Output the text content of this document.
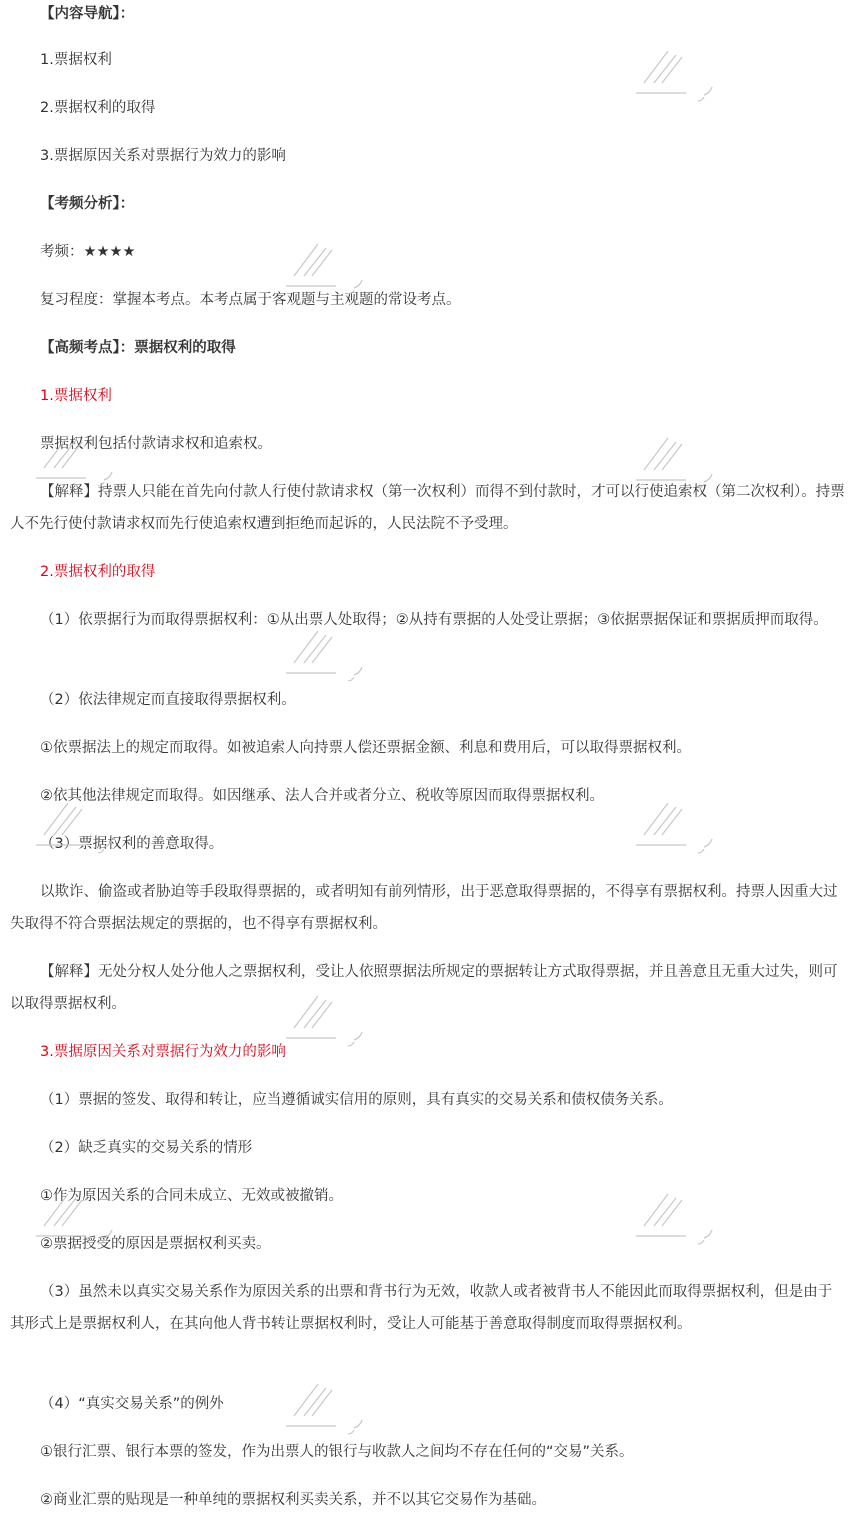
【内容导航】：
1.票据权利
2.票据权利的取得
3.票据原因关系对票据行为效力的影响
【考频分析】：
考频：★★★★
复习程度：掌握本考点。本考点属于客观题与主观题的常设考点。
【高频考点】：票据权利的取得
1.票据权利
票据权利包括付款请求权和追索权。
【解释】持票人只能在首先向付款人行使付款请求权（第一次权利）而得不到付款时，才可以行使追索权（第二次权利）。持票人不先行使付款请求权而先行使追索权遭到拒绝而起诉的，人民法院不予受理。
2.票据权利的取得
（1）依票据行为而取得票据权利：①从出票人处取得；②从持有票据的人处受让票据；③依据票据保证和票据质押而取得。
（2）依法律规定而直接取得票据权利。
①依票据法上的规定而取得。如被追索人向持票人偿还票据金额、利息和费用后，可以取得票据权利。
②依其他法律规定而取得。如因继承、法人合并或者分立、税收等原因而取得票据权利。
（3）票据权利的善意取得。
以欺诈、偷盗或者胁迫等手段取得票据的，或者明知有前列情形，出于恶意取得票据的，不得享有票据权利。持票人因重大过失取得不符合票据法规定的票据的，也不得享有票据权利。
【解释】无处分权人处分他人之票据权利，受让人依照票据法所规定的票据转让方式取得票据，并且善意且无重大过失，则可以取得票据权利。
3.票据原因关系对票据行为效力的影响
（1）票据的签发、取得和转让，应当遵循诚实信用的原则，具有真实的交易关系和债权债务关系。
（2）缺乏真实的交易关系的情形
①作为原因关系的合同未成立、无效或被撤销。
②票据授受的原因是票据权利买卖。
（3）虽然未以真实交易关系作为原因关系的出票和背书行为无效，收款人或者被背书人不能因此而取得票据权利，但是由于其形式上是票据权利人，在其向他人背书转让票据权利时，受让人可能基于善意取得制度而取得票据权利。
（4）“真实交易关系”的例外
①银行汇票、银行本票的签发，作为出票人的银行与收款人之间均不存在任何的“交易”关系。
②商业汇票的贴现是一种单纯的票据权利买卖关系，并不以其它交易作为基础。
